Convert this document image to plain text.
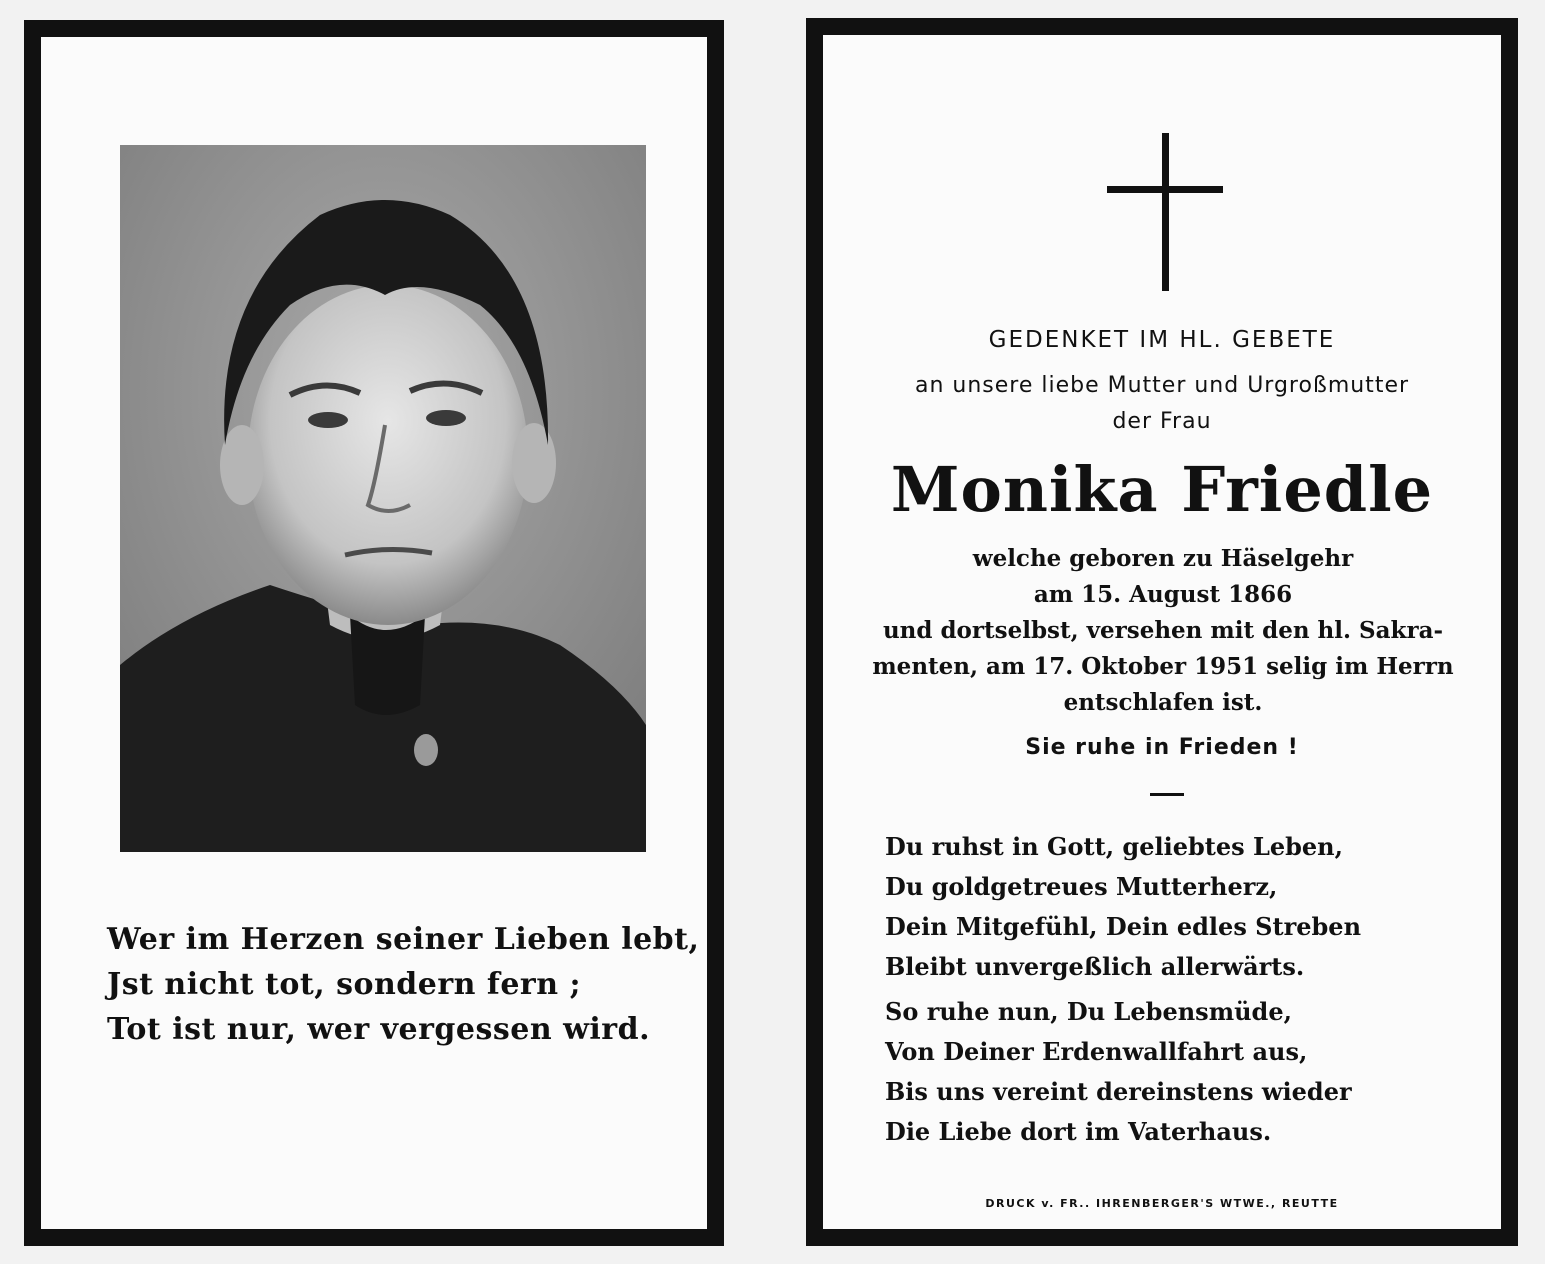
Wer im Herzen seiner Lieben lebt,
Jst nicht tot, sondern fern ;
Tot ist nur, wer vergessen wird.
GEDENKET IM HL. GEBETE
an unsere liebe Mutter und Urgroßmutter
der Frau
Monika Friedle
welche geboren zu Häselgehr
am 15. August 1866
und dortselbst, versehen mit den hl. Sakra-
menten, am 17. Oktober 1951 selig im Herrn
entschlafen ist.
Sie ruhe in Frieden !
Du ruhst in Gott, geliebtes Leben,
Du goldgetreues Mutterherz,
Dein Mitgefühl, Dein edles Streben
Bleibt unvergeßlich allerwärts.
So ruhe nun, Du Lebensmüde,
Von Deiner Erdenwallfahrt aus,
Bis uns vereint dereinstens wieder
Die Liebe dort im Vaterhaus.
DRUCK v. FR.. IHRENBERGER'S WTWE., REUTTE
